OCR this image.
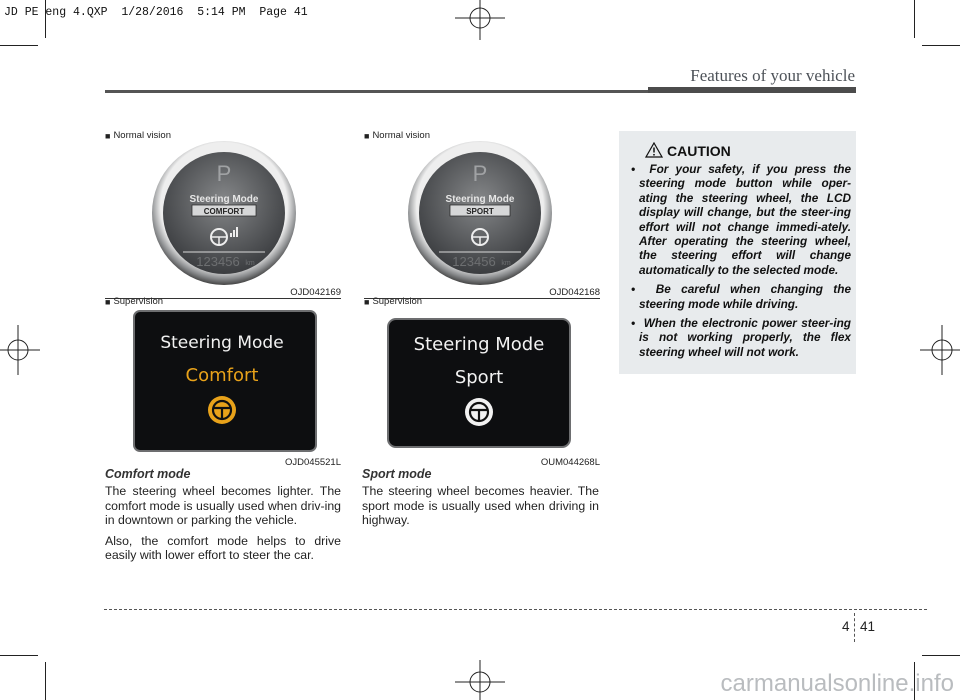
JD PE eng 4.QXP  1/28/2016  5:14 PM  Page 41
Features of your vehicle
■ Normal vision
P
Steering Mode
COMFORT
123456 km
OJD042169
■ Supervision
Steering Mode
Comfort
OJD045521L
■ Normal vision
P
Steering Mode
SPORT
123456 km
OJD042168
■ Supervision
Steering Mode
Sport
OUM044268L
Comfort mode

The steering wheel becomes lighter. The comfort mode is usually used when driv-ing in downtown or parking the vehicle.

Also, the comfort mode helps to drive easily with lower effort to steer the car.

Sport mode

The steering wheel becomes heavier. The sport mode is usually used when driving in highway.

CAUTION
•  For your safety, if you press the steering mode button while oper-ating the steering wheel, the LCD display will change, but the steer-ing effort will not change immedi-ately. After operating the steering wheel, the steering effort will change automatically to the selected mode.
•  Be careful when changing the steering mode while driving.
•  When the electronic power steer-ing is not working properly, the flex steering wheel will not work.
4 41
carmanualsonline.info
